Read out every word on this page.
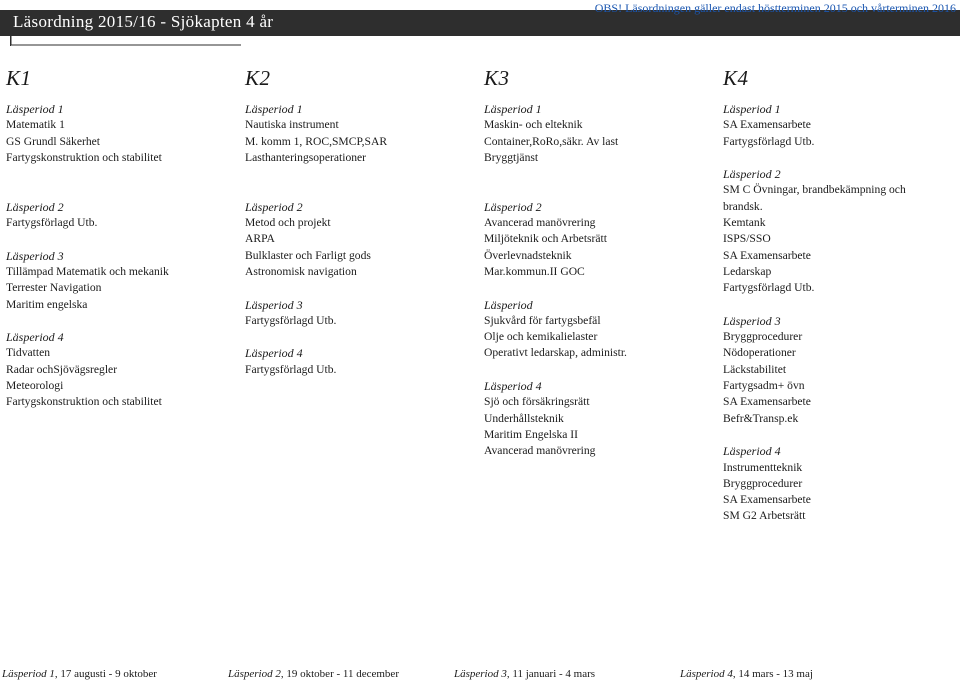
Läsordning 2015/16 - Sjökapten 4 år
OBS! Läsordningen gäller endast höstterminen 2015 och vårterminen 2016
K1
Läsperiod 1
Matematik 1
GS Grundl Säkerhet
Fartygskonstruktion och stabilitet
Läsperiod 2
Fartygsförlagd Utb.
Läsperiod 3
Tillämpad Matematik och mekanik
Terrester Navigation
Maritim engelska
Läsperiod 4
Tidvatten
Radar ochSjövägsregler
Meteorologi
Fartygskonstruktion och stabilitet
K2
Läsperiod 1
Nautiska instrument
M. komm 1, ROC,SMCP,SAR
Lasthanteringsoperationer
Läsperiod 2
Metod och projekt
ARPA
Bulklaster och Farligt gods
Astronomisk navigation
Läsperiod 3
Fartygsförlagd Utb.
Läsperiod 4
Fartygsförlagd Utb.
K3
Läsperiod 1
Maskin- och elteknik
Container,RoRo,säkr. Av last
Bryggtjänst
Läsperiod 2
Avancerad manövrering
Miljöteknik och Arbetsrätt
Överlevnadsteknik
Mar.kommun.II GOC
Läsperiod
Sjukvård för fartygsbefäl
Olje och kemikalielaster
Operativt ledarskap, administr.
Läsperiod 4
Sjö och försäkringsrätt
Underhållsteknik
Maritim Engelska II
Avancerad manövrering
K4
Läsperiod 1
SA Examensarbete
Fartygsförlagd Utb.
Läsperiod 2
SM C Övningar, brandbekämpning och
brandsk.
Kemtank
ISPS/SSO
SA Examensarbete
Ledarskap
Fartygsförlagd Utb.
Läsperiod 3
Bryggprocedurer
Nödoperationer
Läckstabilitet
Fartygsadm+ övn
SA Examensarbete
Befr&Transp.ek
Läsperiod 4
Instrumentteknik
Bryggprocedurer
SA Examensarbete
SM G2 Arbetsrätt
Läsperiod 1, 17 augusti - 9 oktober	Läsperiod 2, 19 oktober - 11 december	Läsperiod 3, 11 januari - 4 mars	Läsperiod 4, 14 mars - 13 maj
